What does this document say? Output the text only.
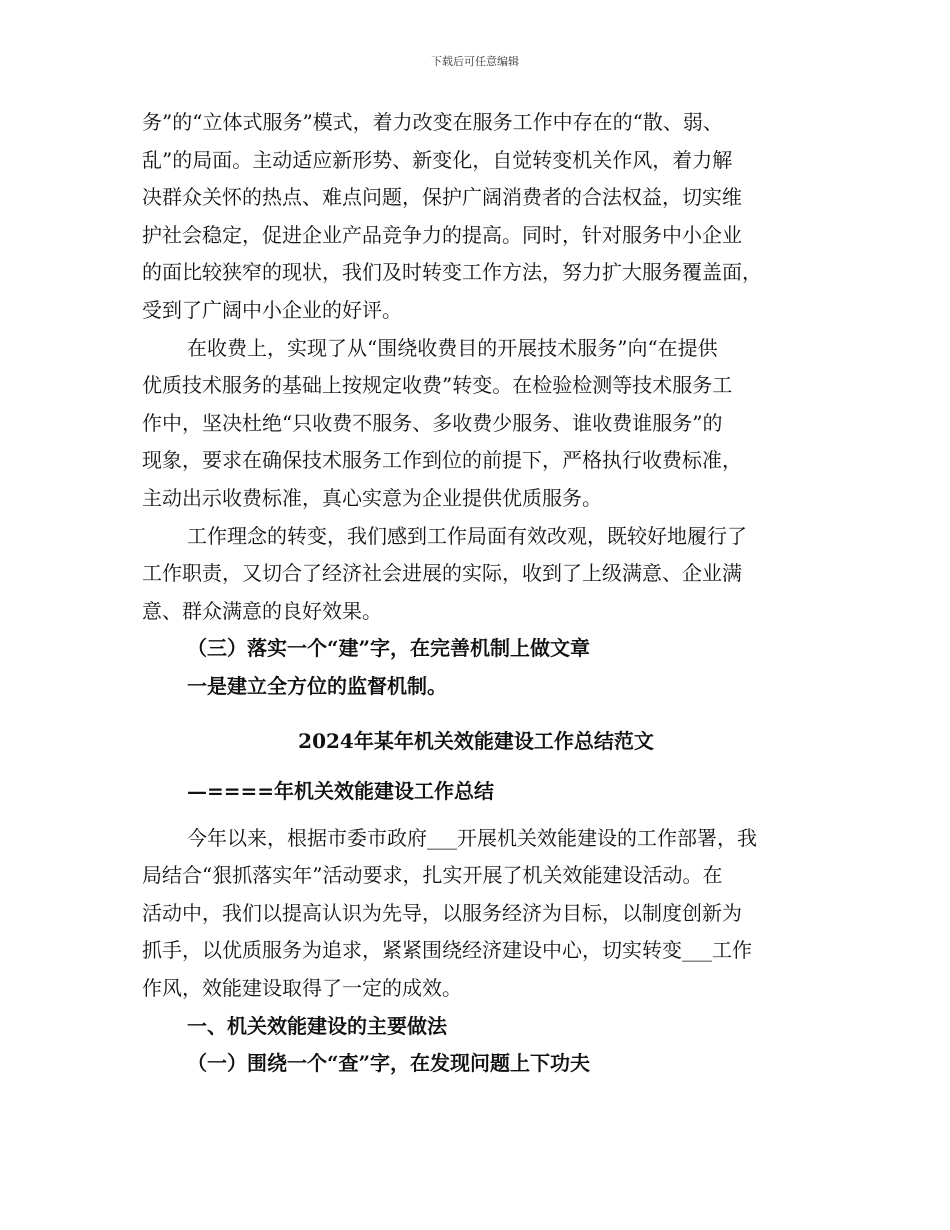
下载后可任意编辑
务”的“立体式服务”模式，着力改变在服务工作中存在的“散、弱、
乱”的局面。主动适应新形势、新变化，自觉转变机关作风，着力解
决群众关怀的热点、难点问题，保护广阔消费者的合法权益，切实维
护社会稳定，促进企业产品竞争力的提高。同时，针对服务中小企业
的面比较狭窄的现状，我们及时转变工作方法，努力扩大服务覆盖面，
受到了广阔中小企业的好评。
在收费上，实现了从“围绕收费目的开展技术服务”向“在提供
优质技术服务的基础上按规定收费”转变。在检验检测等技术服务工
作中，坚决杜绝“只收费不服务、多收费少服务、谁收费谁服务”的
现象，要求在确保技术服务工作到位的前提下，严格执行收费标准，
主动出示收费标准，真心实意为企业提供优质服务。
工作理念的转变，我们感到工作局面有效改观，既较好地履行了
工作职责，又切合了经济社会进展的实际，收到了上级满意、企业满
意、群众满意的良好效果。
（三）落实一个“建”字，在完善机制上做文章
一是建立全方位的监督机制。
2024年某年机关效能建设工作总结范文
—====年机关效能建设工作总结
今年以来，根据市委市政府___开展机关效能建设的工作部署，我
局结合“狠抓落实年”活动要求，扎实开展了机关效能建设活动。在
活动中，我们以提高认识为先导，以服务经济为目标，以制度创新为
抓手，以优质服务为追求，紧紧围绕经济建设中心，切实转变___工作
作风，效能建设取得了一定的成效。
一、机关效能建设的主要做法
（一）围绕一个“查”字，在发现问题上下功夫
